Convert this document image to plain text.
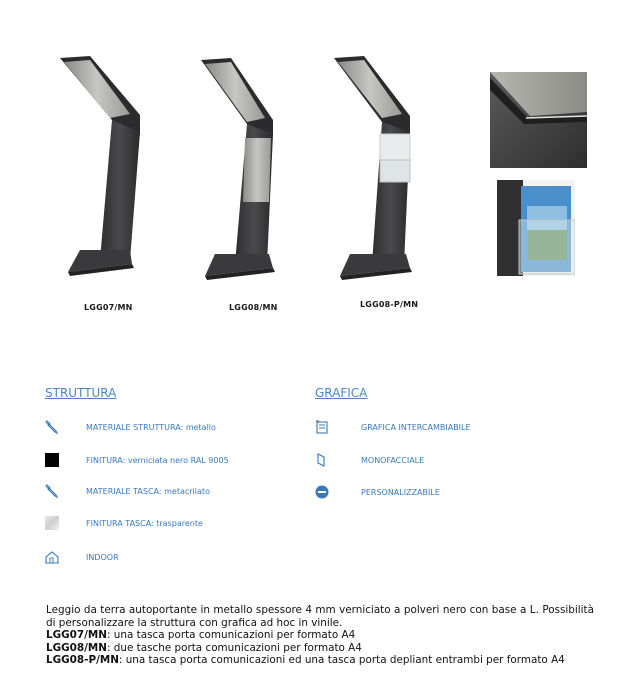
LGG07/MN	LGG08/MN	LGG08-P/MN
STRUTTURA
MATERIALE STRUTTURA: metallo
FINITURA: verniciata nero RAL 9005
MATERIALE TASCA: metacrilato
FINITURA TASCA: trasparente
INDOOR
GRAFICA
GRAFICA INTERCAMBIABILE
MONOFACCIALE
PERSONALIZZABILE

Leggio da terra autoportante in metallo spessore 4 mm verniciato a polveri nero con base a L. Possibilità di personalizzare la struttura con grafica ad hoc in vinile.

LGG07/MN: una tasca porta comunicazioni per formato A4

LGG08/MN: due tasche porta comunicazioni per formato A4

LGG08-P/MN: una tasca porta comunicazioni ed una tasca porta depliant entrambi per formato A4
